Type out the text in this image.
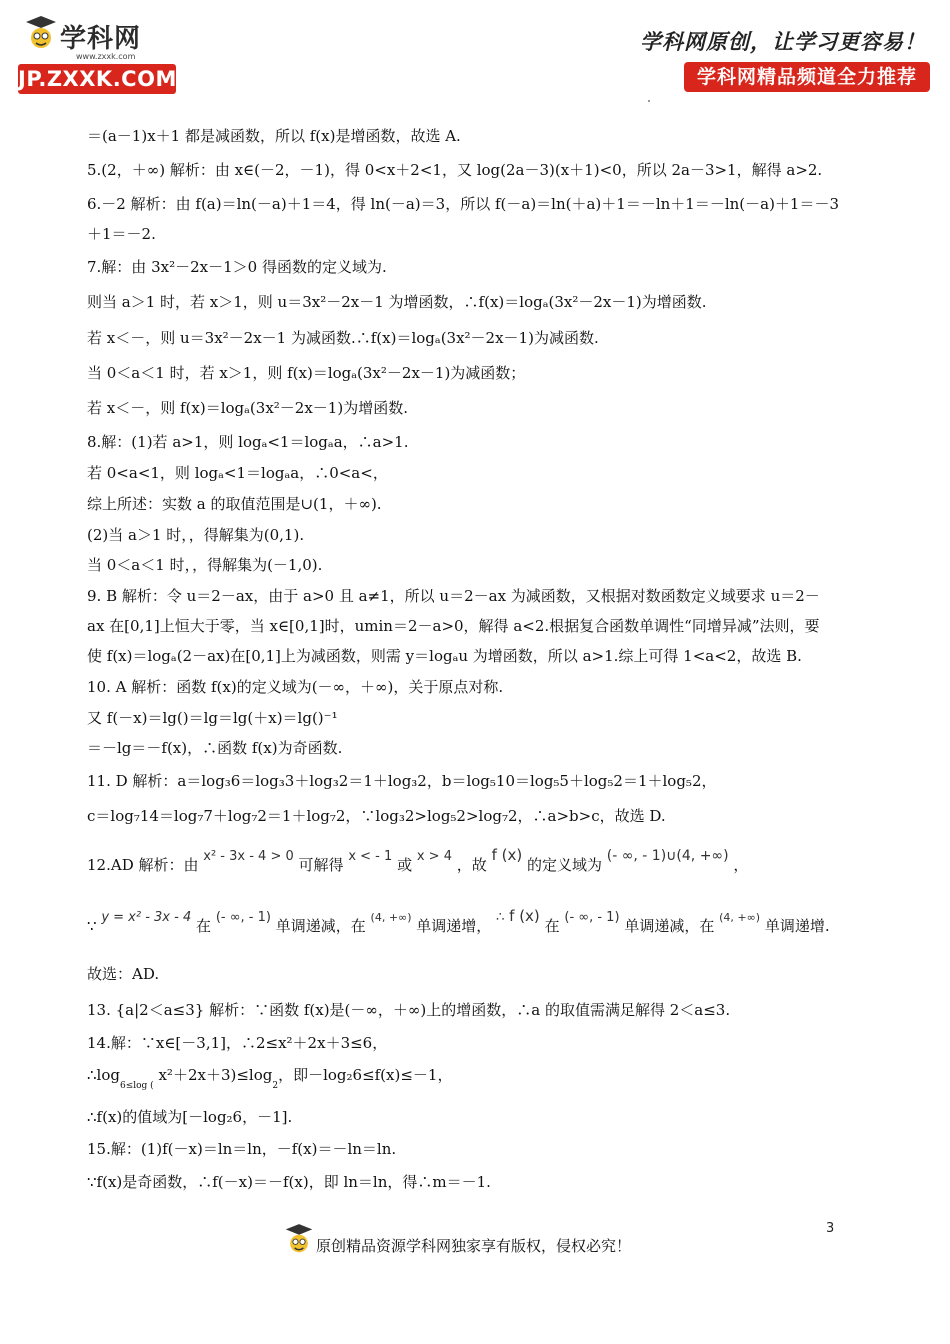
学科网
www.zxxk.com
JP.ZXXK.COM
学科网原创，让学习更容易！
学科网精品频道全力推荐
＝(a－1)x＋1 都是减函数，所以 f(x)是增函数，故选 A.
5.(2，＋∞) 解析：由 x∈(－2，－1)，得 0<x＋2<1，又 log(2a－3)(x＋1)<0，所以 2a－3>1，解得 a>2.
6.－2 解析：由 f(a)＝ln(－a)＋1＝4，得 ln(－a)＝3，所以 f(－a)＝ln(＋a)＋1＝－ln＋1＝－ln(－a)＋1＝－3
＋1＝－2.
7.解：由 3x²－2x－1＞0 得函数的定义域为.
则当 a＞1 时，若 x＞1，则 u＝3x²－2x－1 为增函数，∴f(x)＝logₐ(3x²－2x－1)为增函数.
若 x＜－，则 u＝3x²－2x－1 为减函数.∴f(x)＝logₐ(3x²－2x－1)为减函数.
当 0＜a＜1 时，若 x＞1，则 f(x)＝logₐ(3x²－2x－1)为减函数；
若 x＜－，则 f(x)＝logₐ(3x²－2x－1)为增函数.
8.解：(1)若 a>1，则 logₐ<1＝logₐa，∴a>1.
若 0<a<1，则 logₐ<1＝logₐa，∴0<a<，
综上所述：实数 a 的取值范围是∪(1，＋∞).
(2)当 a＞1 时，，得解集为(0,1).
当 0＜a＜1 时，，得解集为(－1,0).
9. B 解析：令 u＝2－ax，由于 a>0 且 a≠1，所以 u＝2－ax 为减函数，又根据对数函数定义域要求 u＝2－
ax 在[0,1]上恒大于零，当 x∈[0,1]时，umin＝2－a>0，解得 a<2.根据复合函数单调性“同增异减”法则，要
使 f(x)＝logₐ(2－ax)在[0,1]上为减函数，则需 y＝logₐu 为增函数，所以 a>1.综上可得 1<a<2，故选 B.
10. A 解析：函数 f(x)的定义域为(－∞，＋∞)，关于原点对称.
又 f(－x)＝lg()＝lg＝lg(＋x)＝lg()⁻¹
＝－lg＝－f(x)，∴函数 f(x)为奇函数.
11. D 解析：a＝log₃6＝log₃3＋log₃2＝1＋log₃2，b＝log₅10＝log₅5＋log₅2＝1＋log₅2，
c＝log₇14＝log₇7＋log₇2＝1＋log₇2，∵log₃2>log₅2>log₇2，∴a>b>c，故选 D.
12.AD 解析：由 x² - 3x - 4 > 0 可解得 x < - 1 或 x > 4 ，故 f (x) 的定义域为 (- ∞, - 1)∪(4, +∞) ，
∵ y = x² - 3x - 4 在 (- ∞, - 1) 单调递减，在 (4, +∞) 单调递增， ∴ f (x) 在 (- ∞, - 1) 单调递减，在 (4, +∞) 单调递增.
故选：AD.
13. {a|2＜a≤3} 解析：∵函数 f(x)是(－∞，＋∞)上的增函数，∴a 的取值需满足解得 2＜a≤3.
14.解：∵x∈[－3,1]，∴2≤x²＋2x＋3≤6，
$\therefore\log_{6\le log (}$ $x^2+2x+3)\le\log_2$，即－log₂6≤f(x)≤－1，
∴f(x)的值域为[－log₂6，－1].
15.解：(1)f(－x)＝ln＝ln，－f(x)＝－ln＝ln.
∵f(x)是奇函数，∴f(－x)＝－f(x)，即 ln＝ln，得∴m＝－1.
3
原创精品资源学科网独家享有版权，侵权必究！
